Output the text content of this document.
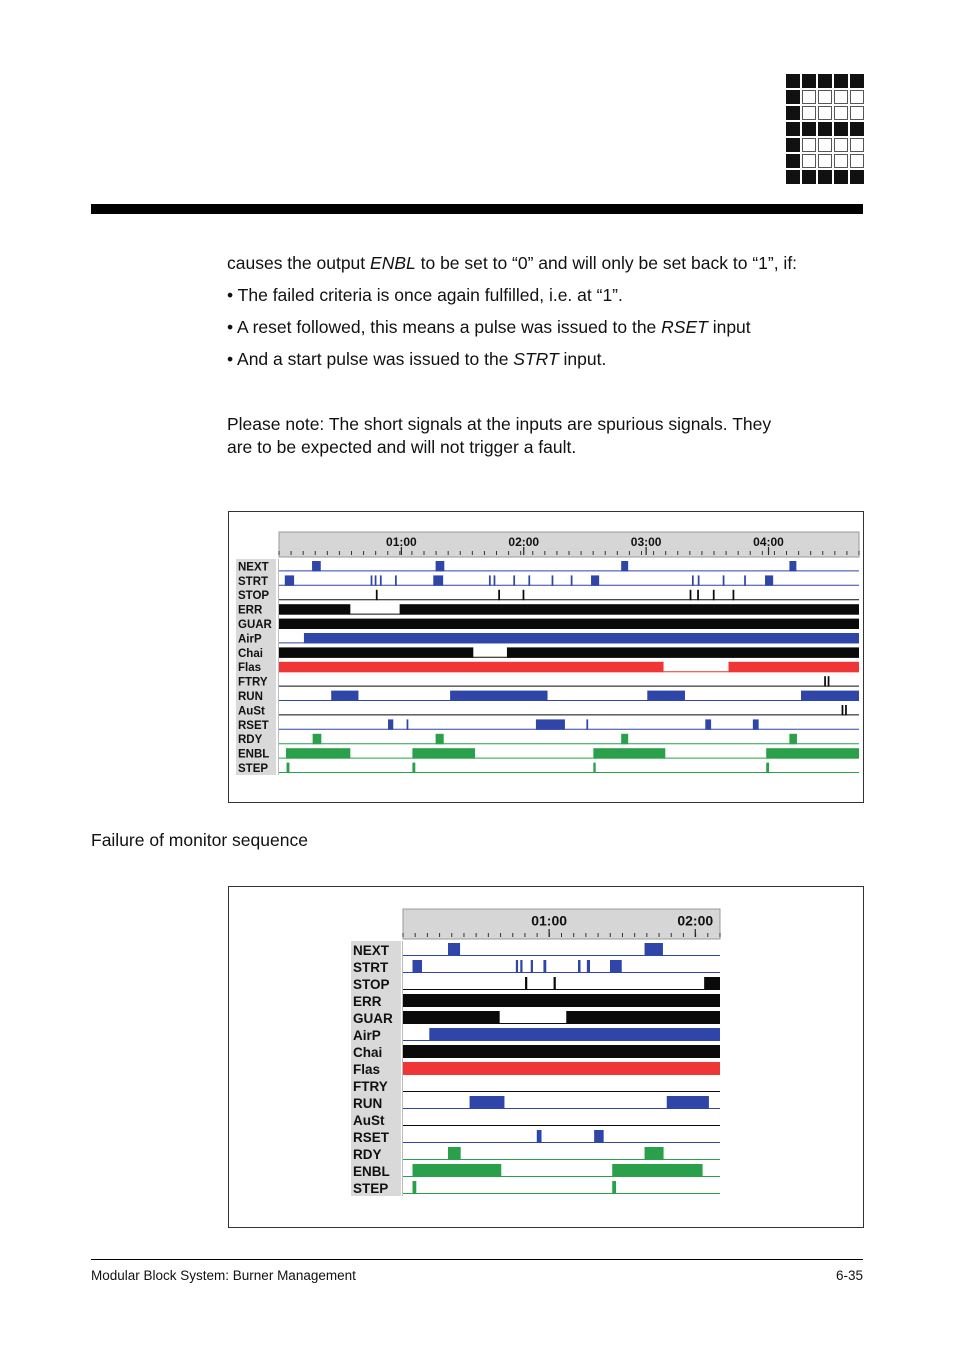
causes the output ENBL to be set to “0” and will only be set back to “1”, if:
• The failed criteria is once again fulfilled, i.e. at “1”.
• A reset followed, this means a pulse was issued to the RSET input
• And a start pulse was issued to the STRT input.
Please note: The short signals at the inputs are spurious signals. They
are to be expected and will not trigger a fault.
01:00	02:00	03:00	04:00
NEXT
STRT
STOP
ERR
GUAR
AirP
Chai
Flas
FTRY
RUN
AuSt
RSET
RDY
ENBL
STEP
Failure of monitor sequence
01:00	02:00
NEXT
STRT
STOP
ERR
GUAR
AirP
Chai
Flas
FTRY
RUN
AuSt
RSET
RDY
ENBL
STEP
Modular Block System: Burner Management	6-35
